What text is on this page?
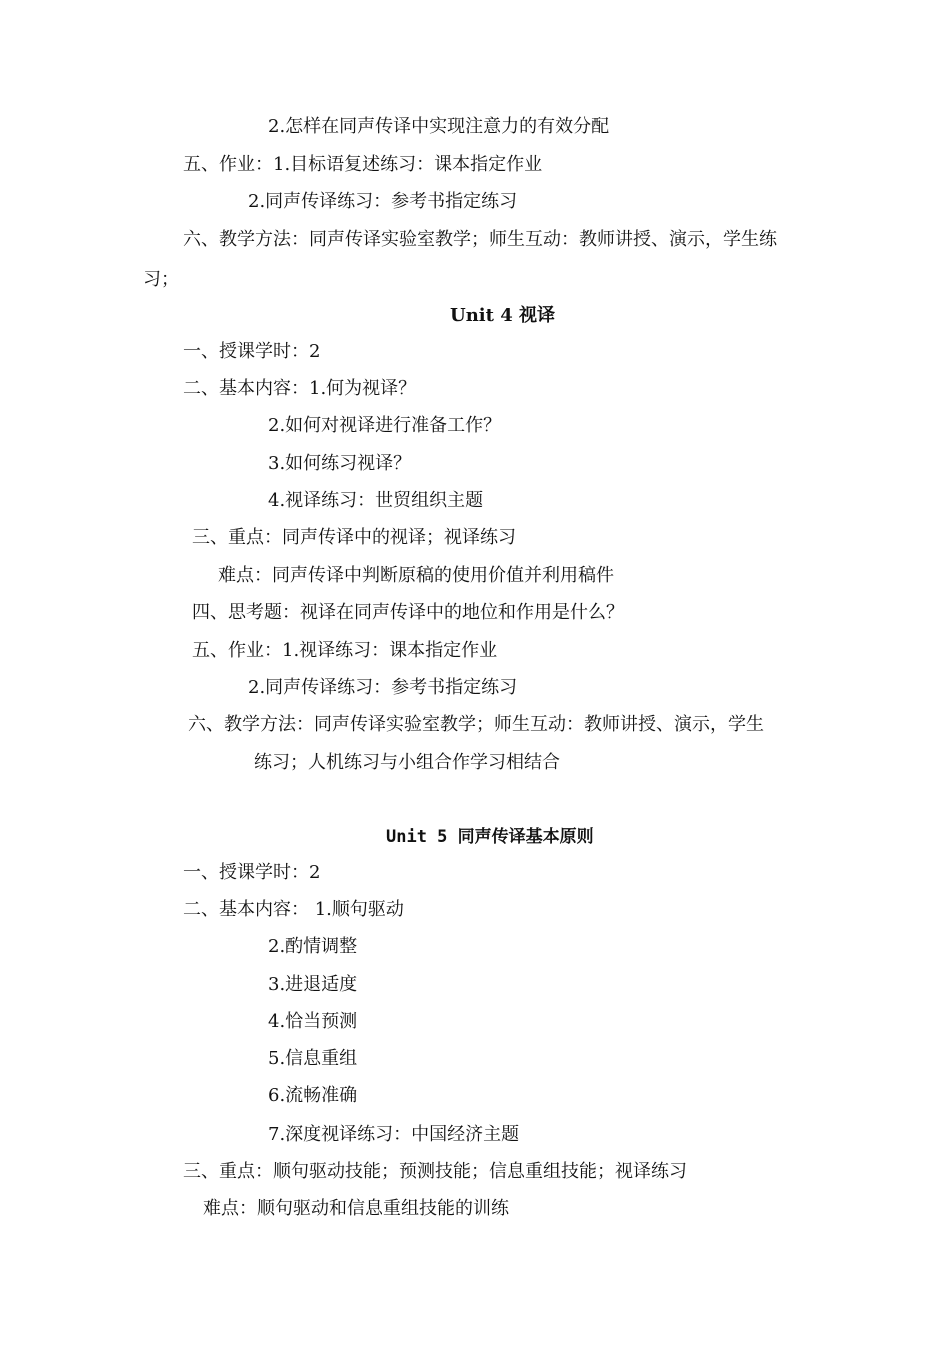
2.怎样在同声传译中实现注意力的有效分配
五、作业：1.目标语复述练习：课本指定作业
2.同声传译练习：参考书指定练习
六、教学方法：同声传译实验室教学；师生互动：教师讲授、演示，学生练
习；
Unit 4 视译
一、授课学时：2
二、基本内容：1.何为视译？
2.如何对视译进行准备工作？
3.如何练习视译？
4.视译练习：世贸组织主题
三、重点：同声传译中的视译；视译练习
难点：同声传译中判断原稿的使用价值并利用稿件
四、思考题：视译在同声传译中的地位和作用是什么？
五、作业：1.视译练习：课本指定作业
2.同声传译练习：参考书指定练习
六、教学方法：同声传译实验室教学；师生互动：教师讲授、演示，学生
练习；人机练习与小组合作学习相结合
Unit 5 同声传译基本原则
一、授课学时：2
二、基本内容： 1.顺句驱动
2.酌情调整
3.进退适度
4.恰当预测
5.信息重组
6.流畅准确
7.深度视译练习：中国经济主题
三、重点：顺句驱动技能；预测技能；信息重组技能；视译练习
难点：顺句驱动和信息重组技能的训练
